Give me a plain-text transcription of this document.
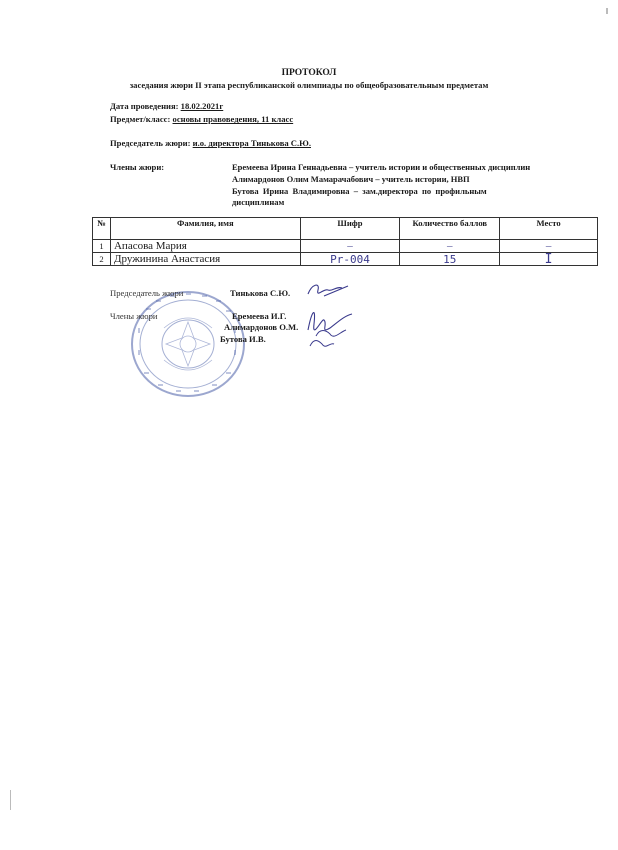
ПРОТОКОЛ
заседания жюри II этапа республиканской олимпиады по общеобразовательным предметам
Дата проведения: 18.02.2021г
Предмет/класс: основы правоведения, 11 класс
Председатель жюри: и.о. директора Тинькова С.Ю.
Члены жюри:	Еремеева Ирина Геннадьевна – учитель истории и общественных дисциплин
Алимардонов Олим Мамарачабович – учитель истории, НВП
Бутова  Ирина  Владимировна  –  зам.директора  по  профильным
дисциплинам
№	Фамилия, имя	Шифр	Количество баллов	Место
1	Апасова Мария	–	–	–
2	Дружинина Анастасия	Pr-004	15	I
Председатель жюри	Тинькова С.Ю.
Члены жюри	Еремеева И.Г.
Алимардонов О.М.
Бутова И.В.
